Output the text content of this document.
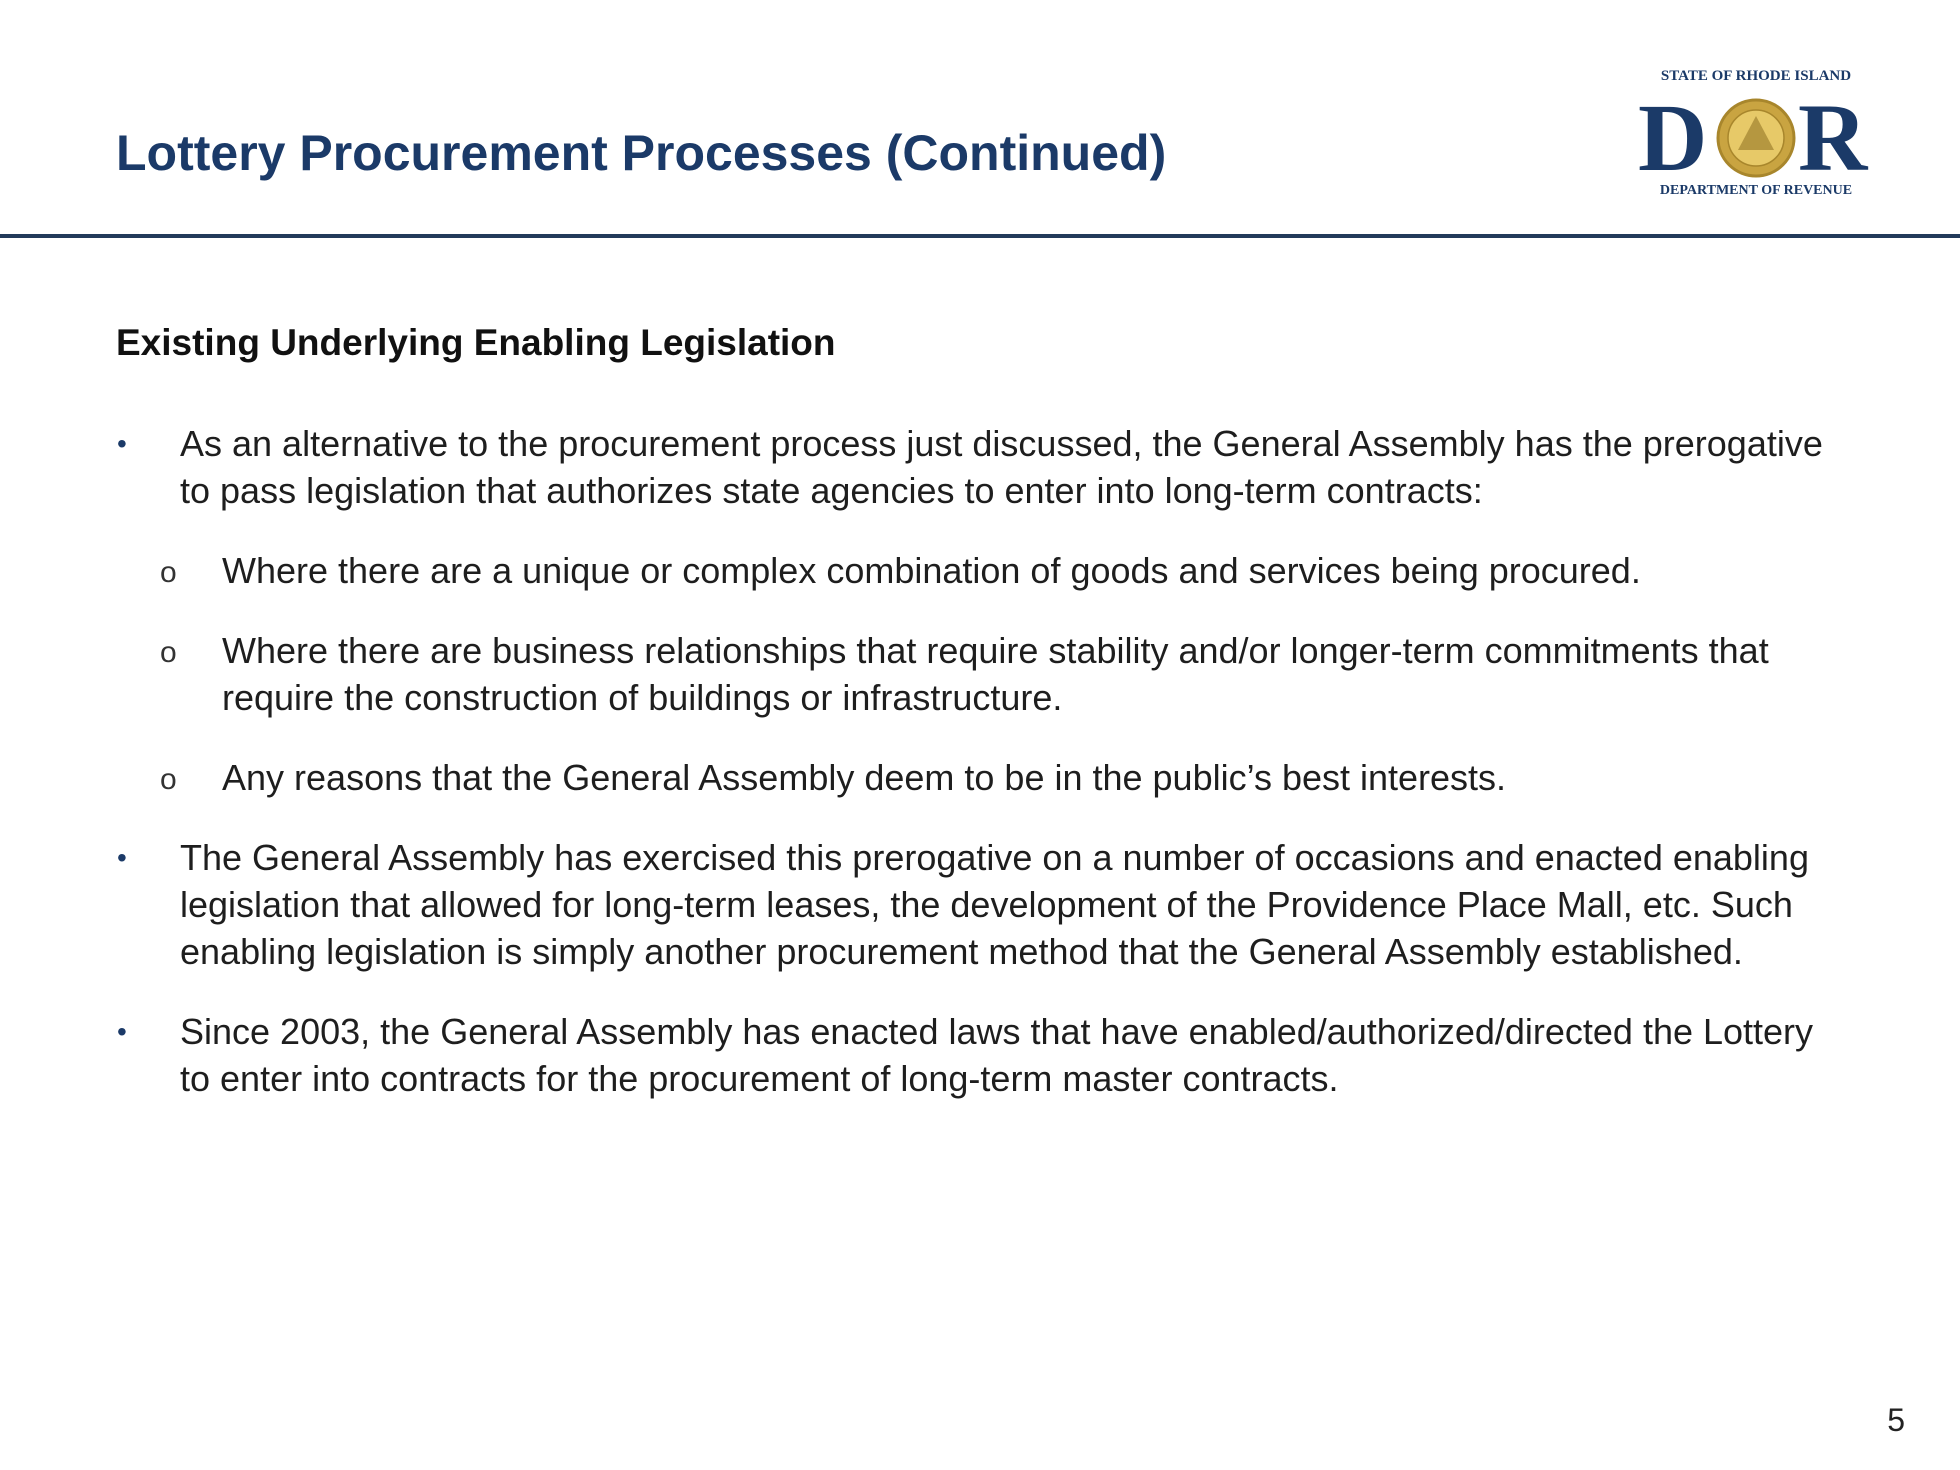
Lottery Procurement Processes (Continued)
STATE OF RHODE ISLAND
D R
DEPARTMENT OF REVENUE
Existing Underlying Enabling Legislation
• As an alternative to the procurement process just discussed, the General Assembly has the prerogative to pass legislation that authorizes state agencies to enter into long-term contracts:
o Where there are a unique or complex combination of goods and services being procured.
o Where there are business relationships that require stability and/or longer-term commitments that require the construction of buildings or infrastructure.
o Any reasons that the General Assembly deem to be in the public’s best interests.
• The General Assembly has exercised this prerogative on a number of occasions and enacted enabling legislation that allowed for long-term leases, the development of the Providence Place Mall, etc. Such enabling legislation is simply another procurement method that the General Assembly established.
• Since 2003, the General Assembly has enacted laws that have enabled/authorized/directed the Lottery to enter into contracts for the procurement of long-term master contracts.
5
